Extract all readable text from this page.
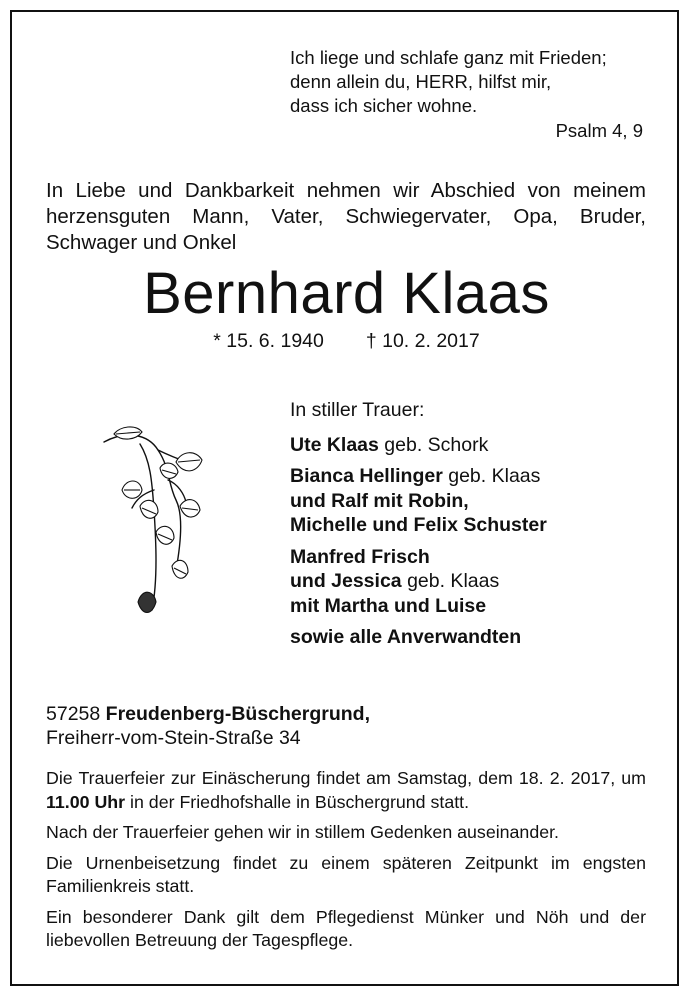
Ich liege und schlafe ganz mit Frieden;
denn allein du, HERR, hilfst mir,
dass ich sicher wohne.
Psalm 4, 9
In Liebe und Dankbarkeit nehmen wir Abschied von meinem
herzensguten Mann, Vater, Schwiegervater, Opa, Bruder,
Schwager und Onkel
Bernhard Klaas
* 15. 6. 1940 † 10. 2. 2017
In stiller Trauer:
Ute Klaas geb. Schork
Bianca Hellinger geb. Klaas
und Ralf mit Robin,
Michelle und Felix Schuster
Manfred Frisch
und Jessica geb. Klaas
mit Martha und Luise
sowie alle Anverwandten
57258 Freudenberg-Büschergrund,
Freiherr-vom-Stein-Straße 34

Die Trauerfeier zur Einäscherung findet am Samstag, dem 18. 2. 2017, um 11.00 Uhr in der Friedhofshalle in Büschergrund statt.

Nach der Trauerfeier gehen wir in stillem Gedenken auseinander.

Die Urnenbeisetzung findet zu einem späteren Zeitpunkt im engsten Familienkreis statt.

Ein besonderer Dank gilt dem Pflegedienst Münker und Nöh und der liebevollen Betreuung der Tagespflege.
